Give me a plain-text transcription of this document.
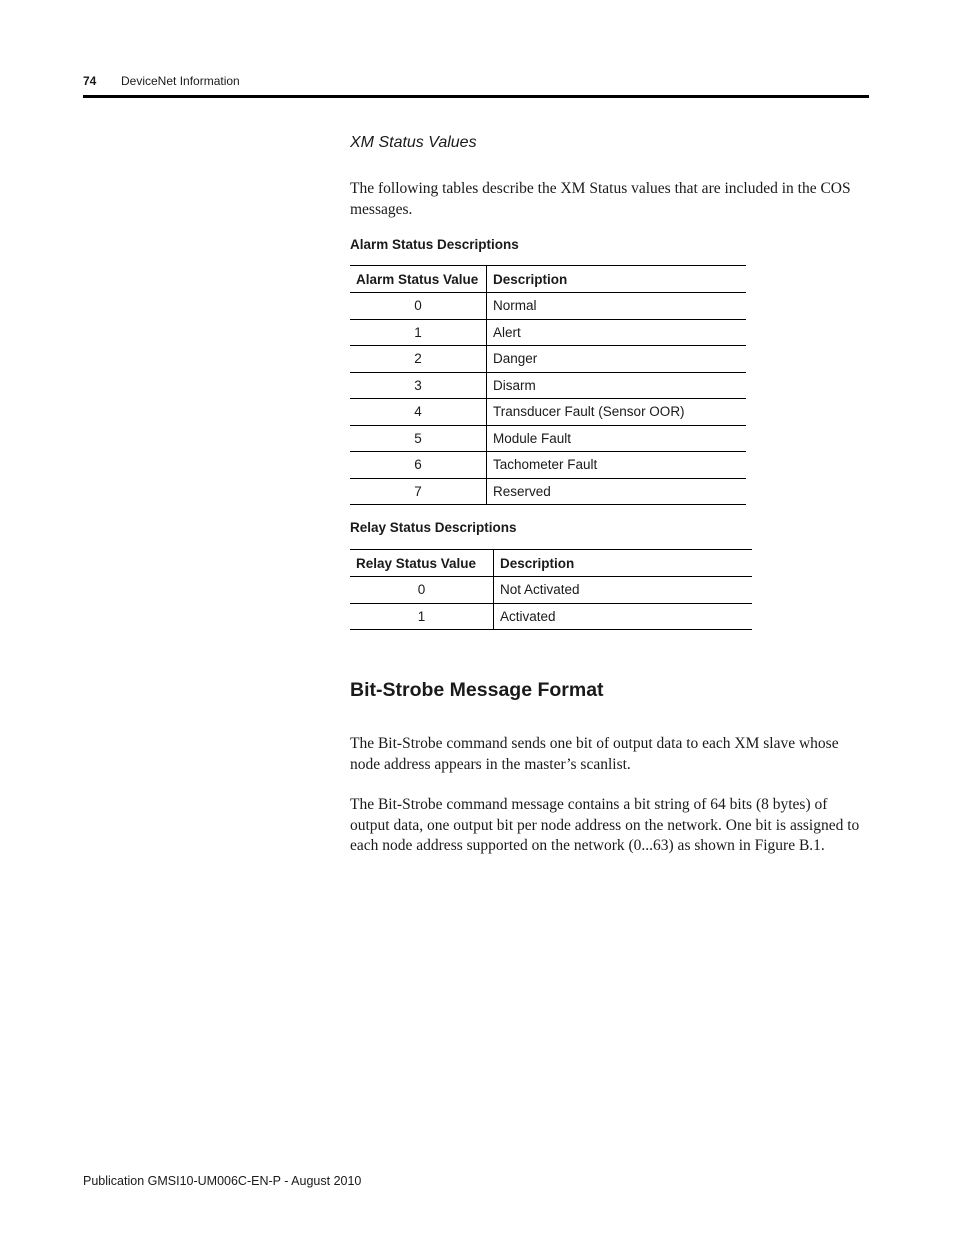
74 DeviceNet Information
XM Status Values

The following tables describe the XM Status values that are included in the COS messages.

Alarm Status Descriptions
Alarm Status Value	Description
0	Normal
1	Alert
2	Danger
3	Disarm
4	Transducer Fault (Sensor OOR)
5	Module Fault
6	Tachometer Fault
7	Reserved
Relay Status Descriptions
Relay Status Value	Description
0	Not Activated
1	Activated
Bit-Strobe Message Format

The Bit-Strobe command sends one bit of output data to each XM slave whose node address appears in the master’s scanlist.

The Bit-Strobe command message contains a bit string of 64 bits (8 bytes) of output data, one output bit per node address on the network. One bit is assigned to each node address supported on the network (0...63) as shown in Figure B.1.

Publication GMSI10-UM006C-EN-P - August 2010
